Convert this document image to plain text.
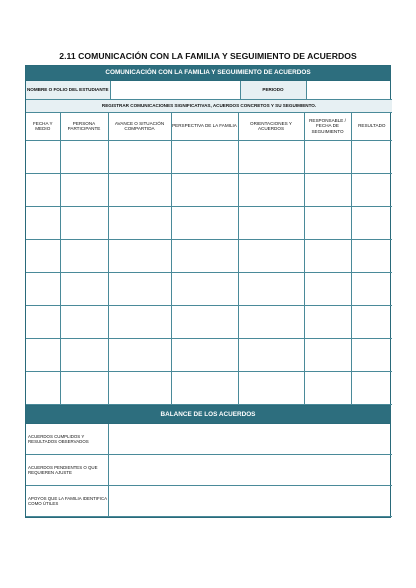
2.11 COMUNICACIÓN CON LA FAMILIA Y SEGUIMIENTO DE ACUERDOS
COMUNICACIÓN CON LA FAMILIA Y SEGUIMIENTO DE ACUERDOS
NOMBRE O FOLIO DEL ESTUDIANTE		PERIODO	
REGISTRAR COMUNICACIONES SIGNIFICATIVAS, ACUERDOS CONCRETOS Y SU SEGUIMIENTO.						
FECHA Y MEDIO	PERSONA PARTICIPANTE	AVANCE O SITUACIÓN COMPARTIDA	PERSPECTIVA DE LA FAMILIA	ORIENTACIONES Y ACUERDOS	RESPONSABLE / FECHA DE SEGUIMIENTO	RESULTADO

BALANCE DE LOS ACUERDOS
ACUERDOS CUMPLIDOS Y RESULTADOS OBSERVADOS	
ACUERDOS PENDIENTES O QUE REQUIEREN AJUSTE	
APOYOS QUE LA FAMILIA IDENTIFICA COMO ÚTILES	
